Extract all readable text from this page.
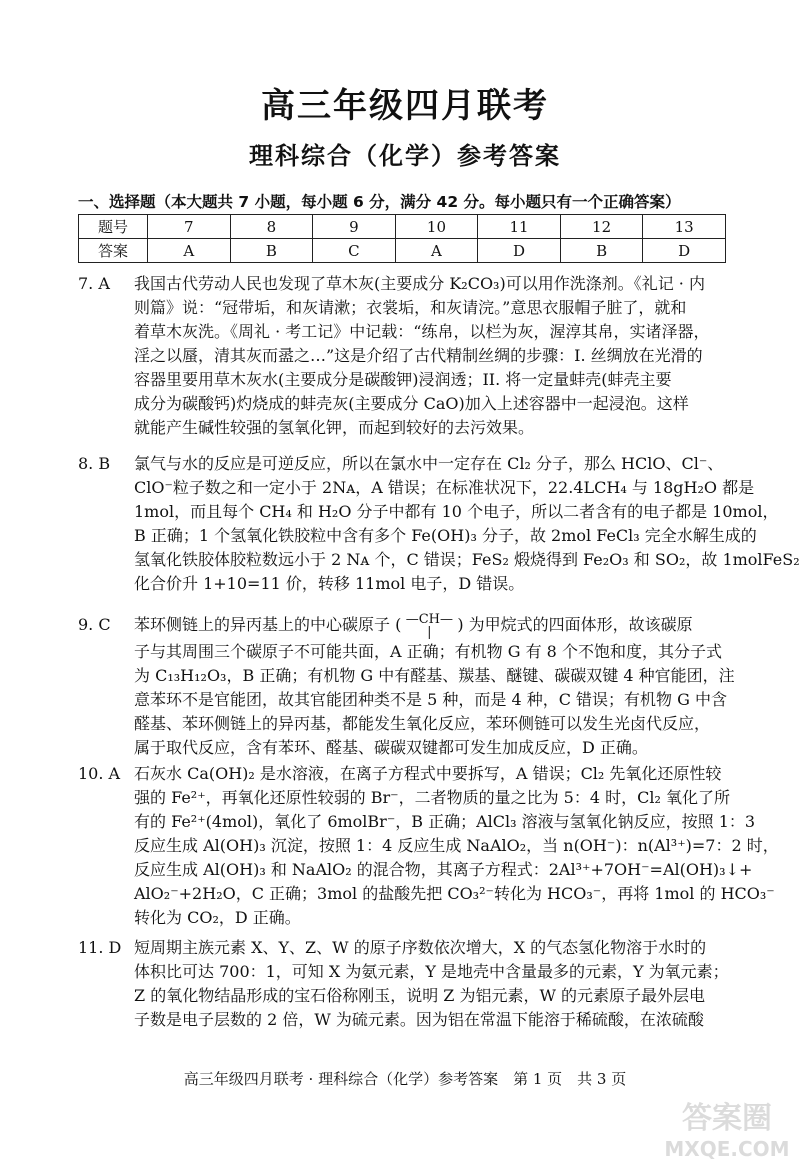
高三年级四月联考
理科综合（化学）参考答案
一、选择题（本大题共 7 小题，每小题 6 分，满分 42 分。每小题只有一个正确答案）
题号	7	8	9	10	11	12	13
答案	A	B	C	A	D	B	D
7. A 我国古代劳动人民也发现了草木灰(主要成分 K₂CO₃)可以用作洗涤剂。《礼记 · 内
则篇》说：“冠带垢，和灰请漱；衣裳垢，和灰请浣。”意思衣服帽子脏了，就和
着草木灰洗。《周礼 · 考工记》中记载：“练帛，以栏为灰，渥淳其帛，实诸泽器，
淫之以蜃，清其灰而盝之…”这是介绍了古代精制丝绸的步骤：I. 丝绸放在光滑的
容器里要用草木灰水(主要成分是碳酸钾)浸润透；II. 将一定量蚌壳(蚌壳主要
成分为碳酸钙)灼烧成的蚌壳灰(主要成分 CaO)加入上述容器中一起浸泡。这样
就能产生碱性较强的氢氧化钾，而起到较好的去污效果。
8. B 氯气与水的反应是可逆反应，所以在氯水中一定存在 Cl₂ 分子，那么 HClO、Cl⁻、
ClO⁻粒子数之和一定小于 2Nᴀ，A 错误；在标准状况下，22.4LCH₄ 与 18gH₂O 都是
1mol，而且每个 CH₄ 和 H₂O 分子中都有 10 个电子，所以二者含有的电子都是 10mol，
B 正确；1 个氢氧化铁胶粒中含有多个 Fe(OH)₃ 分子，故 2mol FeCl₃ 完全水解生成的
氢氧化铁胶体胶粒数远小于 2 Nᴀ 个，C 错误；FeS₂ 煅烧得到 Fe₂O₃ 和 SO₂，故 1molFeS₂
化合价升 1+10=11 价，转移 11mol 电子，D 错误。
9. C 苯环侧链上的异丙基上的中心碳原子 ( —CH—
|	) 为甲烷式的四面体形，故该碳原
子与其周围三个碳原子不可能共面，A 正确；有机物 G 有 8 个不饱和度，其分子式
为 C₁₃H₁₂O₃，B 正确；有机物 G 中有醛基、羰基、醚键、碳碳双键 4 种官能团，注
意苯环不是官能团，故其官能团种类不是 5 种，而是 4 种，C 错误；有机物 G 中含
醛基、苯环侧链上的异丙基，都能发生氧化反应，苯环侧链可以发生光卤代反应，
属于取代反应，含有苯环、醛基、碳碳双键都可发生加成反应，D 正确。
10. A 石灰水 Ca(OH)₂ 是水溶液，在离子方程式中要拆写，A 错误；Cl₂ 先氧化还原性较
强的 Fe²⁺，再氧化还原性较弱的 Br⁻，二者物质的量之比为 5：4 时，Cl₂ 氧化了所
有的 Fe²⁺(4mol)，氧化了 6molBr⁻，B 正确；AlCl₃ 溶液与氢氧化钠反应，按照 1：3
反应生成 Al(OH)₃ 沉淀，按照 1：4 反应生成 NaAlO₂，当 n(OH⁻)：n(Al³⁺)=7：2 时，
反应生成 Al(OH)₃ 和 NaAlO₂ 的混合物，其离子方程式：2Al³⁺+7OH⁻=Al(OH)₃↓+
AlO₂⁻+2H₂O，C 正确；3mol 的盐酸先把 CO₃²⁻转化为 HCO₃⁻，再将 1mol 的 HCO₃⁻
转化为 CO₂，D 正确。
11. D 短周期主族元素 X、Y、Z、W 的原子序数依次增大，X 的气态氢化物溶于水时的
体积比可达 700：1，可知 X 为氨元素，Y 是地壳中含量最多的元素，Y 为氧元素；
Z 的氧化物结晶形成的宝石俗称刚玉，说明 Z 为铝元素，W 的元素原子最外层电
子数是电子层数的 2 倍，W 为硫元素。因为铝在常温下能溶于稀硫酸，在浓硫酸
高三年级四月联考 · 理科综合（化学）参考答案　第 1 页　共 3 页
答案圈
MXQE.COM
